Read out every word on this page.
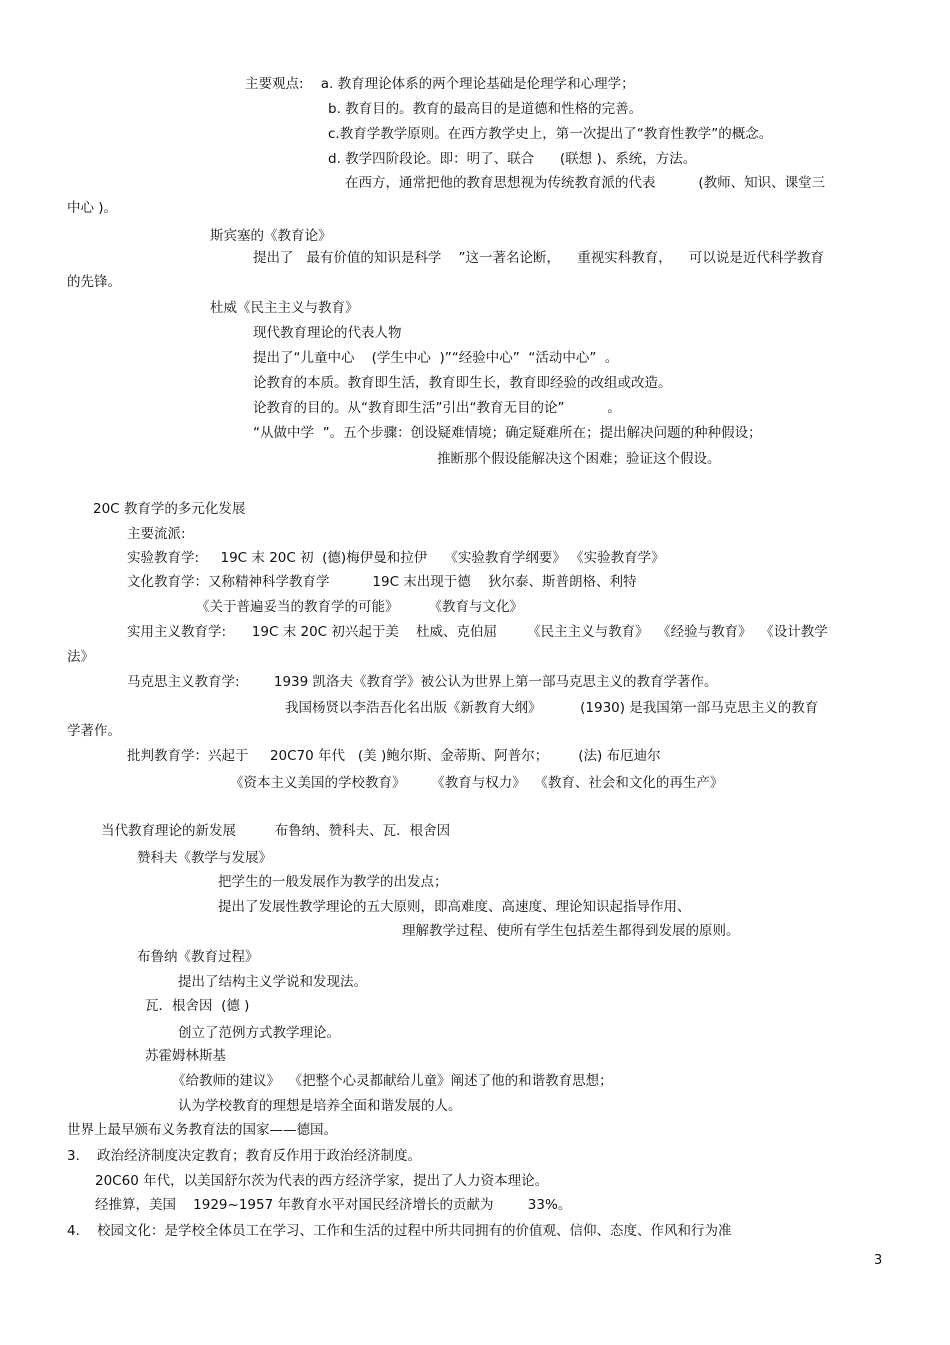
主要观点:    a. 教育理论体系的两个理论基础是伦理学和心理学；
b. 教育目的。教育的最高目的是道德和性格的完善。
c.教育学教学原则。在西方教学史上，第一次提出了“教育性教学”的概念。
d. 教学四阶段论。即：明了、联合      (联想 )、系统，方法。
在西方，通常把他的教育思想视为传统教育派的代表          (教师、知识、课堂三
中心 )。
斯宾塞的《教育论》
提出了   最有价值的知识是科学    ”这一著名论断，    重视实科教育，    可以说是近代科学教育
的先锋。
杜威《民主主义与教育》
现代教育理论的代表人物
提出了“儿童中心    (学生中心  )”“经验中心”  “活动中心”  。
论教育的本质。教育即生活，教育即生长，教育即经验的改组或改造。
论教育的目的。从“教育即生活”引出“教育无目的论”          。
“从做中学  ”。五个步骤：创设疑难情境；确定疑难所在；提出解决问题的种种假设；
推断那个假设能解决这个困难；验证这个假设。
20C 教育学的多元化发展
主要流派:
实验教育学:     19C 末 20C 初  (德)梅伊曼和拉伊    《实验教育学纲要》 《实验教育学》
文化教育学：又称精神科学教育学          19C 末出现于德    狄尔泰、斯普朗格、利特
《关于普遍妥当的教育学的可能》       《教育与文化》
实用主义教育学:      19C 末 20C 初兴起于美    杜威、克伯屈       《民主主义与教育》  《经验与教育》  《设计教学
法》
马克思主义教育学:        1939 凯洛夫《教育学》被公认为世界上第一部马克思主义的教育学著作。
我国杨贤以李浩吾化名出版《新教育大纲》         (1930) 是我国第一部马克思主义的教育
学著作。
批判教育学：兴起于     20C70 年代   (美 )鲍尔斯、金蒂斯、阿普尔；       (法) 布厄迪尔
《资本主义美国的学校教育》      《教育与权力》  《教育、社会和文化的再生产》
当代教育理论的新发展         布鲁纳、赞科夫、瓦．根舍因
赞科夫《教学与发展》
把学生的一般发展作为教学的出发点；
提出了发展性教学理论的五大原则，即高难度、高速度、理论知识起指导作用、
理解教学过程、使所有学生包括差生都得到发展的原则。
布鲁纳《教育过程》
提出了结构主义学说和发现法。
瓦．根舍因  (德 )
创立了范例方式教学理论。
苏霍姆林斯基
《给教师的建议》  《把整个心灵都献给儿童》阐述了他的和谐教育思想；
认为学校教育的理想是培养全面和谐发展的人。
世界上最早颁布义务教育法的国家——德国。
3.    政治经济制度决定教育；教育反作用于政治经济制度。
20C60 年代，以美国舒尔茨为代表的西方经济学家，提出了人力资本理论。
经推算，美国    1929~1957 年教育水平对国民经济增长的贡献为        33%。
4.    校园文化：是学校全体员工在学习、工作和生活的过程中所共同拥有的价值观、信仰、态度、作风和行为准
3
